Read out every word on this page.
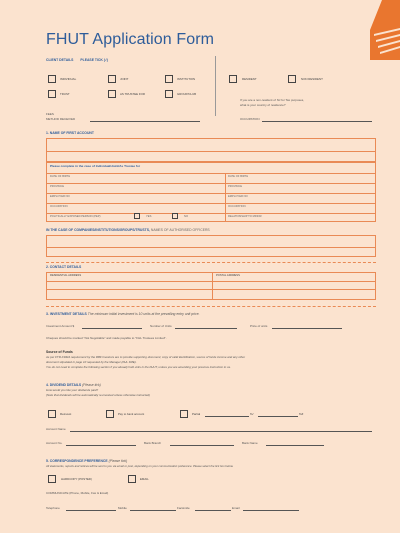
FHUT Application Form
CLIENT DETAILS PLEASE TICK (√)
INDIVIDUAL	JOINT	INSTITUTION	RESIDENT	NON RESIDENT
TRUST	AS TRUSTEE FOR	GROUP/CLUB
If you are a non-resident of NJ for Tax purposes,
what is your country of residence?
OCCUPATION
FEES
METHOD RECEIVED
1. NAME OF FIRST ACCOUNT
Please complete in the case of Individual/Joint/As Trustee for
DATE OF BIRTH
PROVINCE
EMPLOYER NO
OCCUPATION
POLITICALLY EXPOSED PERSON (PEP)	YES	NO
DATE OF BIRTH
PROVINCE
EMPLOYER NO
OCCUPATION
RELATIONSHIP TO MINOR
IN THE CASE OF COMPANIES/INSTITUTIONS/GROUPS/TRUSTS, NAMES OF AUTHORISED OFFICERS
2. CONTACT DETAILS
RESIDENTIAL ADDRESS	POSTAL ADDRESS
3. INVESTMENT DETAILS The minimum initial investment is 10 units at the prevailing entry unit price.
Investment Amount $	Number of Units	Price of units
Cheques should be marked "Not Negotiable" and made payable to "FHL Trustees Limited".
Source of Funds
As per FTR-CDMA requirement by the RBF Investors are to provide supporting document, copy of valid identification, source of funds income and any other
document stipulated in page 10 requested by the Manager (FHL FME).
You do not need to complete the following section if you already hold units in the FHUT, unless you are amending your previous instruction to us.
4. DIVIDEND DETAILS (Please tick)
How would you like your dividends paid?
(Note that dividends will be automatically re-invested unless otherwise instructed)
Reinvest	Pay to bank account	Partial	%/	%#
Account Name
Account No.	Bank Branch	Bank Name
5. CORRESPONDENCE PREFERENCE (Please tick)
All statements, reports and notices will be sent to you via email or post, depending on your communication preference. Please select the tick box below.
HARDCOPY (POSTED)	EMAIL
COMMUNICATE (Phone, Mobile, Fax & Email)
Telephone	Mobile	Facsimile	Email
